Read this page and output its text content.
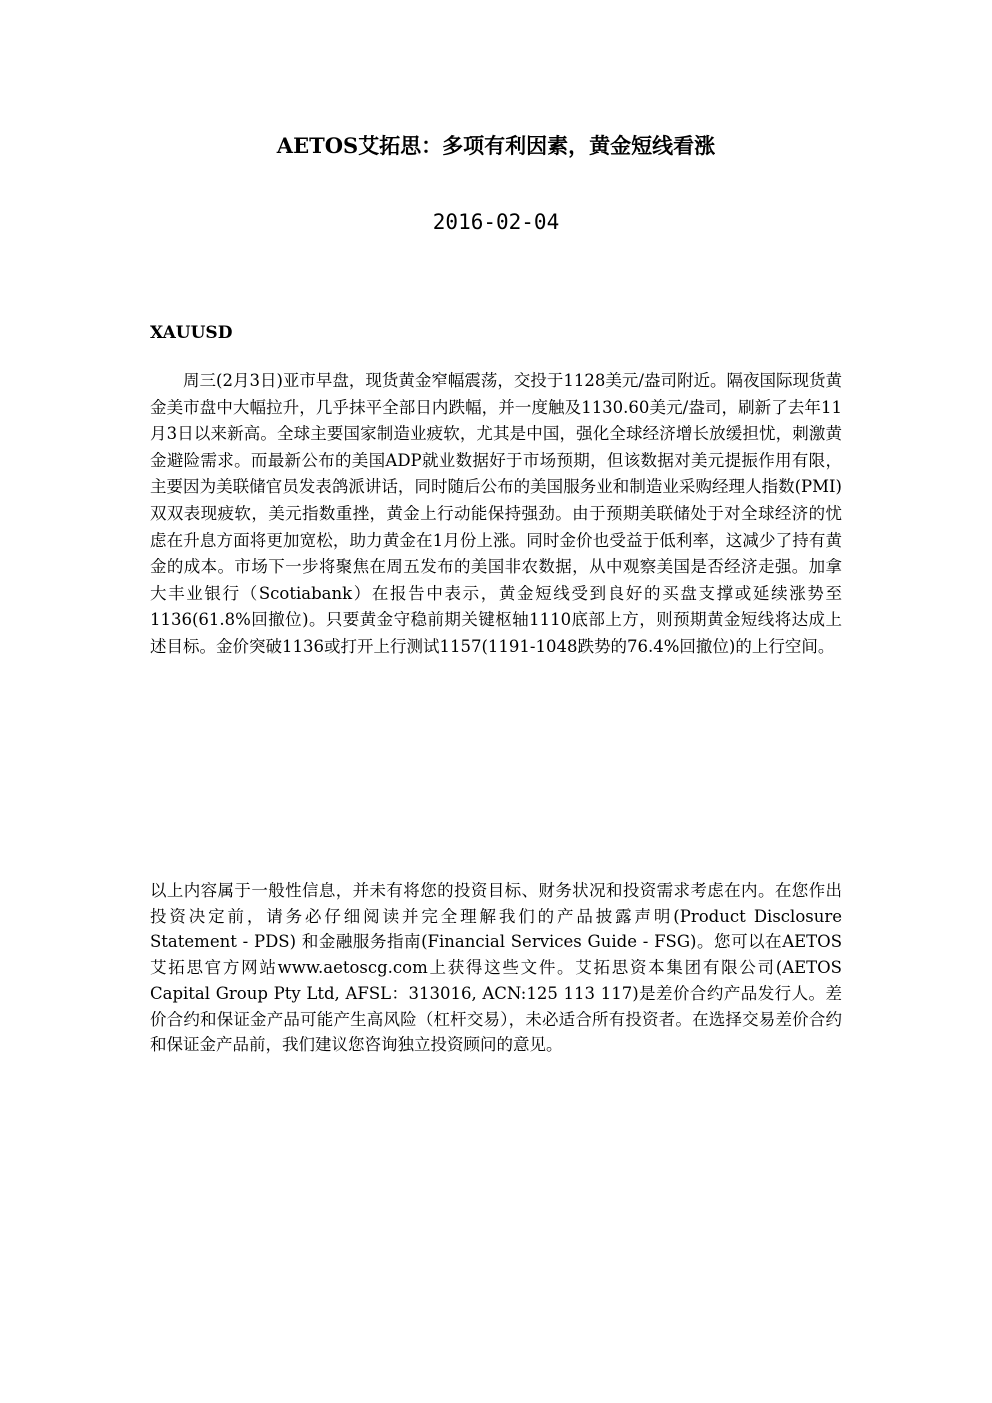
AETOS艾拓思：多项有利因素，黄金短线看涨
2016-02-04
XAUUSD

周三(2月3日)亚市早盘，现货黄金窄幅震荡，交投于1128美元/盎司附近。隔夜国际现货黄金美市盘中大幅拉升，几乎抹平全部日内跌幅，并一度触及1130.60美元/盎司，刷新了去年11月3日以来新高。全球主要国家制造业疲软，尤其是中国，强化全球经济增长放缓担忧，刺激黄金避险需求。而最新公布的美国ADP就业数据好于市场预期，但该数据对美元提振作用有限，主要因为美联储官员发表鸽派讲话，同时随后公布的美国服务业和制造业采购经理人指数(PMI)双双表现疲软，美元指数重挫，黄金上行动能保持强劲。由于预期美联储处于对全球经济的忧虑在升息方面将更加宽松，助力黄金在1月份上涨。同时金价也受益于低利率，这减少了持有黄金的成本。市场下一步将聚焦在周五发布的美国非农数据，从中观察美国是否经济走强。加拿大丰业银行（Scotiabank）在报告中表示，黄金短线受到良好的买盘支撑或延续涨势至1136(61.8%回撤位)。只要黄金守稳前期关键枢轴1110底部上方，则预期黄金短线将达成上述目标。金价突破1136或打开上行测试1157(1191-1048跌势的76.4%回撤位)的上行空间。

以上内容属于一般性信息，并未有将您的投资目标、财务状况和投资需求考虑在内。在您作出投资决定前，请务必仔细阅读并完全理解我们的产品披露声明(Product Disclosure Statement - PDS) 和金融服务指南(Financial Services Guide - FSG)。您可以在AETOS艾拓思官方网站www.aetoscg.com上获得这些文件。艾拓思资本集团有限公司(AETOS Capital Group Pty Ltd, AFSL：313016, ACN:125 113 117)是差价合约产品发行人。差价合约和保证金产品可能产生高风险（杠杆交易），未必适合所有投资者。在选择交易差价合约和保证金产品前，我们建议您咨询独立投资顾问的意见。
